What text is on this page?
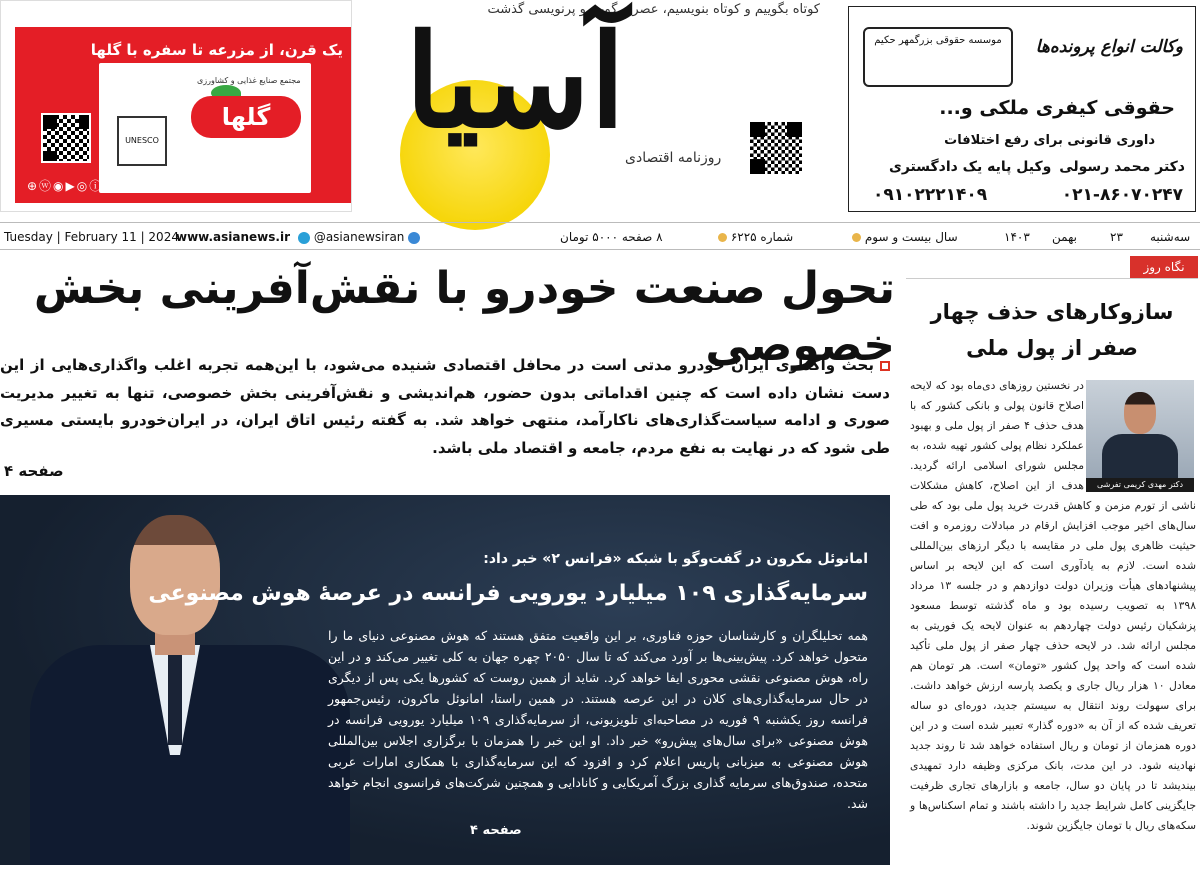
یک قرن، از مزرعه تا سفره با گلها
مجتمع صنایع غذایی و کشاورزی
گلها
UNESCO
⊕ⓦ◉▶◎ⓘ golhaco
کوتاه بگوییم و کوتاه بنویسیم، عصر پرگویی و پرنویسی گذشت
آسیا
روزنامه اقتصادی
وکالت انواع پرونده‌ها
موسسه حقوقی بزرگمهر حکیم
حقوقی کیفری ملکی و...
داوری قانونی برای رفع اختلافات
دکتر محمد رسولی
وکیل پایه یک دادگستری
۰۲۱-۸۶۰۷۰۲۴۷
۰۹۱۰۲۲۲۱۴۰۹
Tuesday | February 11 | 2024
www.asianews.ir	@asianewsiran	۸ صفحه ۵۰۰۰ تومان	شماره ۶۲۲۵	سال بیست و سوم	۱۴۰۳ بهمن	۲۳ سه‌شنبه
تحول صنعت خودرو با نقش‌آفرینی بخش خصوصی
بحث واگذاری ایران خودرو مدتی است در محافل اقتصادی شنیده می‌شود، با این‌همه تجربه اغلب واگذاری‌هایی از این دست نشان داده است که چنین اقداماتی بدون حضور، هم‌اندیشی و نقش‌آفرینی بخش خصوصی، تنها به تغییر مدیریت صوری و ادامه سیاست‌گذاری‌های ناکارآمد، منتهی خواهد شد. به گفته رئیس اتاق ایران، در ایران‌خودرو بایستی مسیری طی شود که در نهایت به نفع مردم، جامعه و اقتصاد ملی باشد.
صفحه ۴
امانوئل مکرون در گفت‌وگو با شبکه «فرانس ۲» خبر داد:
سرمایه‌گذاری ۱۰۹ میلیارد یورویی فرانسه در عرصهٔ هوش مصنوعی
همه تحلیلگران و کارشناسان حوزه فناوری، بر این واقعیت متفق هستند که هوش مصنوعی دنیای ما را متحول خواهد کرد. پیش‌بینی‌ها بر آورد می‌کند که تا سال ۲۰۵۰ چهره جهان به کلی تغییر می‌کند و در این راه، هوش مصنوعی نقشی محوری ایفا خواهد کرد. شاید از همین روست که کشورها یکی پس از دیگری در حال سرمایه‌گذاری‌های کلان در این عرصه هستند. در همین راستا، امانوئل ماکرون، رئیس‌جمهور فرانسه روز یکشنبه ۹ فوریه در مصاحبه‌ای تلویزیونی، از سرمایه‌گذاری ۱۰۹ میلیارد یورویی فرانسه در هوش مصنوعی «برای سال‌های پیش‌رو» خبر داد. او این خبر را همزمان با برگزاری اجلاس بین‌المللی هوش مصنوعی به میزبانی پاریس اعلام کرد و افزود که این سرمایه‌گذاری با همکاری امارات عربی متحده، صندوق‌های سرمایه گذاری بزرگ آمریکایی و کانادایی و همچنین شرکت‌های فرانسوی انجام خواهد شد.
صفحه ۴
نگاه روز
سازوکارهای حذف چهار صفر از پول ملی
در نخستین روزهای دی‌ماه بود که لایحه اصلاح قانون پولی و بانکی کشور که با هدف حذف ۴ صفر از پول ملی و بهبود عملکرد نظام پولی کشور تهیه شده، به مجلس شورای اسلامی ارائه گردید. هدف از این اصلاح، کاهش مشکلات ناشی از تورم مزمن و کاهش قدرت خرید پول ملی بود که طی سال‌های اخیر موجب افزایش ارقام در مبادلات روزمره و افت حیثیت ظاهری پول ملی در مقایسه با دیگر ارزهای بین‌المللی شده است. لازم به یادآوری است که این لایحه بر اساس پیشنهادهای هیأت وزیران دولت دوازدهم و در جلسه ۱۳ مرداد ۱۳۹۸ به تصویب رسیده بود و ماه گذشته توسط مسعود پزشکیان رئیس دولت چهاردهم به عنوان لایحه یک فوریتی به مجلس ارائه شد. در لایحه حذف چهار صفر از پول ملی تأکید شده است که واحد پول کشور «تومان» است. هر تومان هم معادل ۱۰ هزار ریال جاری و یکصد پارسه ارزش خواهد داشت. برای سهولت روند انتقال به سیستم جدید، دوره‌ای دو ساله تعریف شده که از آن به «دوره گذار» تعبیر شده است و در این دوره همزمان از تومان و ریال استفاده خواهد شد تا روند جدید نهادینه شود. در این مدت، بانک مرکزی وظیفه دارد تمهیدی بیندیشد تا در پایان دو سال، جامعه و بازارهای تجاری ظرفیت جایگزینی کامل شرایط جدید را داشته باشند و تمام اسکناس‌ها و سکه‌های ریال با تومان جایگزین شوند.
دکتر مهدی کریمی تفرشی
